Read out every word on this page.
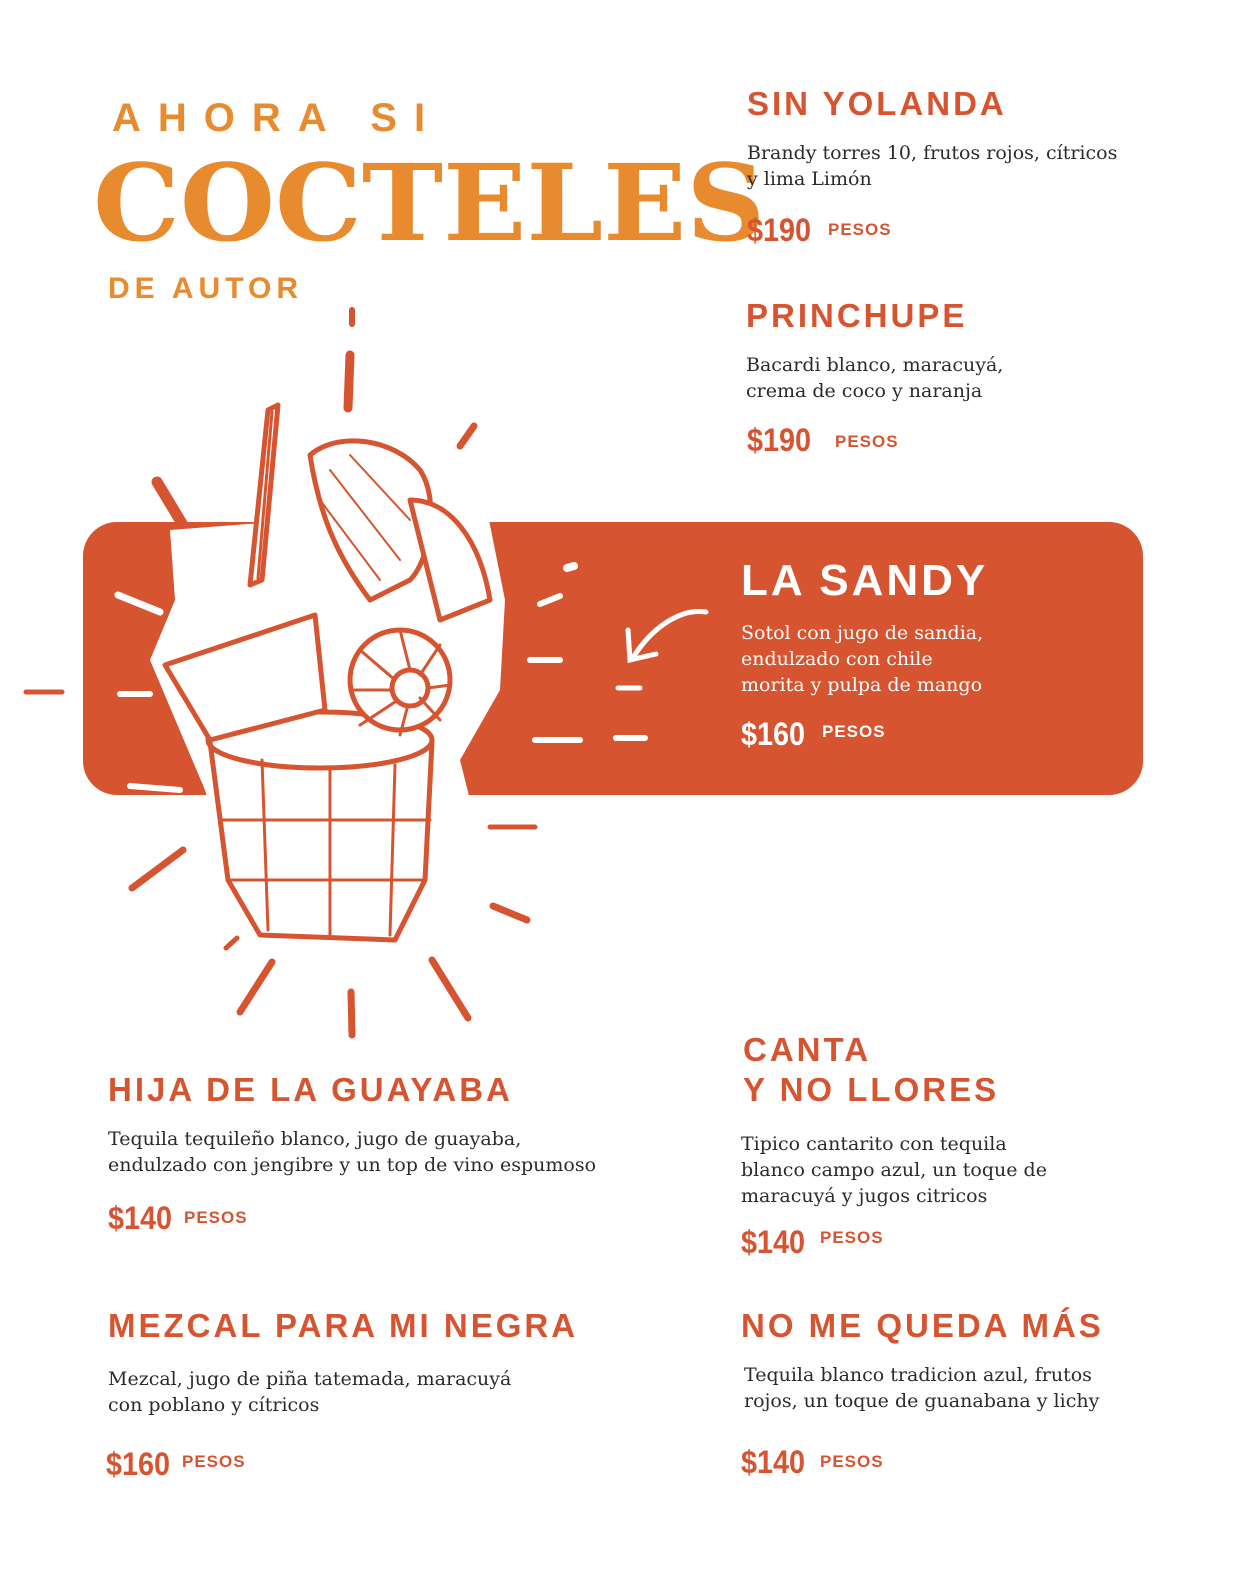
AHORA SI
COCTELES
DE AUTOR
SIN YOLANDA
Brandy torres 10, frutos rojos, cítricos
y lima Limón
$190 PESOS
PRINCHUPE
Bacardi blanco, maracuyá,
crema de coco y naranja
$190 PESOS
LA SANDY
Sotol con jugo de sandia,
endulzado con chile
morita y pulpa de mango
$160 PESOS
HIJA DE LA GUAYABA
Tequila tequileño blanco, jugo de guayaba,
endulzado con jengibre y un top de vino espumoso
$140 PESOS
CANTA
Y NO LLORES
Tipico cantarito con tequila
blanco campo azul, un toque de
maracuyá y jugos citricos
$140 PESOS
MEZCAL PARA MI NEGRA
Mezcal, jugo de piña tatemada, maracuyá
con poblano y cítricos
$160 PESOS
NO ME QUEDA MÁS
Tequila blanco tradicion azul, frutos
rojos, un toque de guanabana y lichy
$140 PESOS
